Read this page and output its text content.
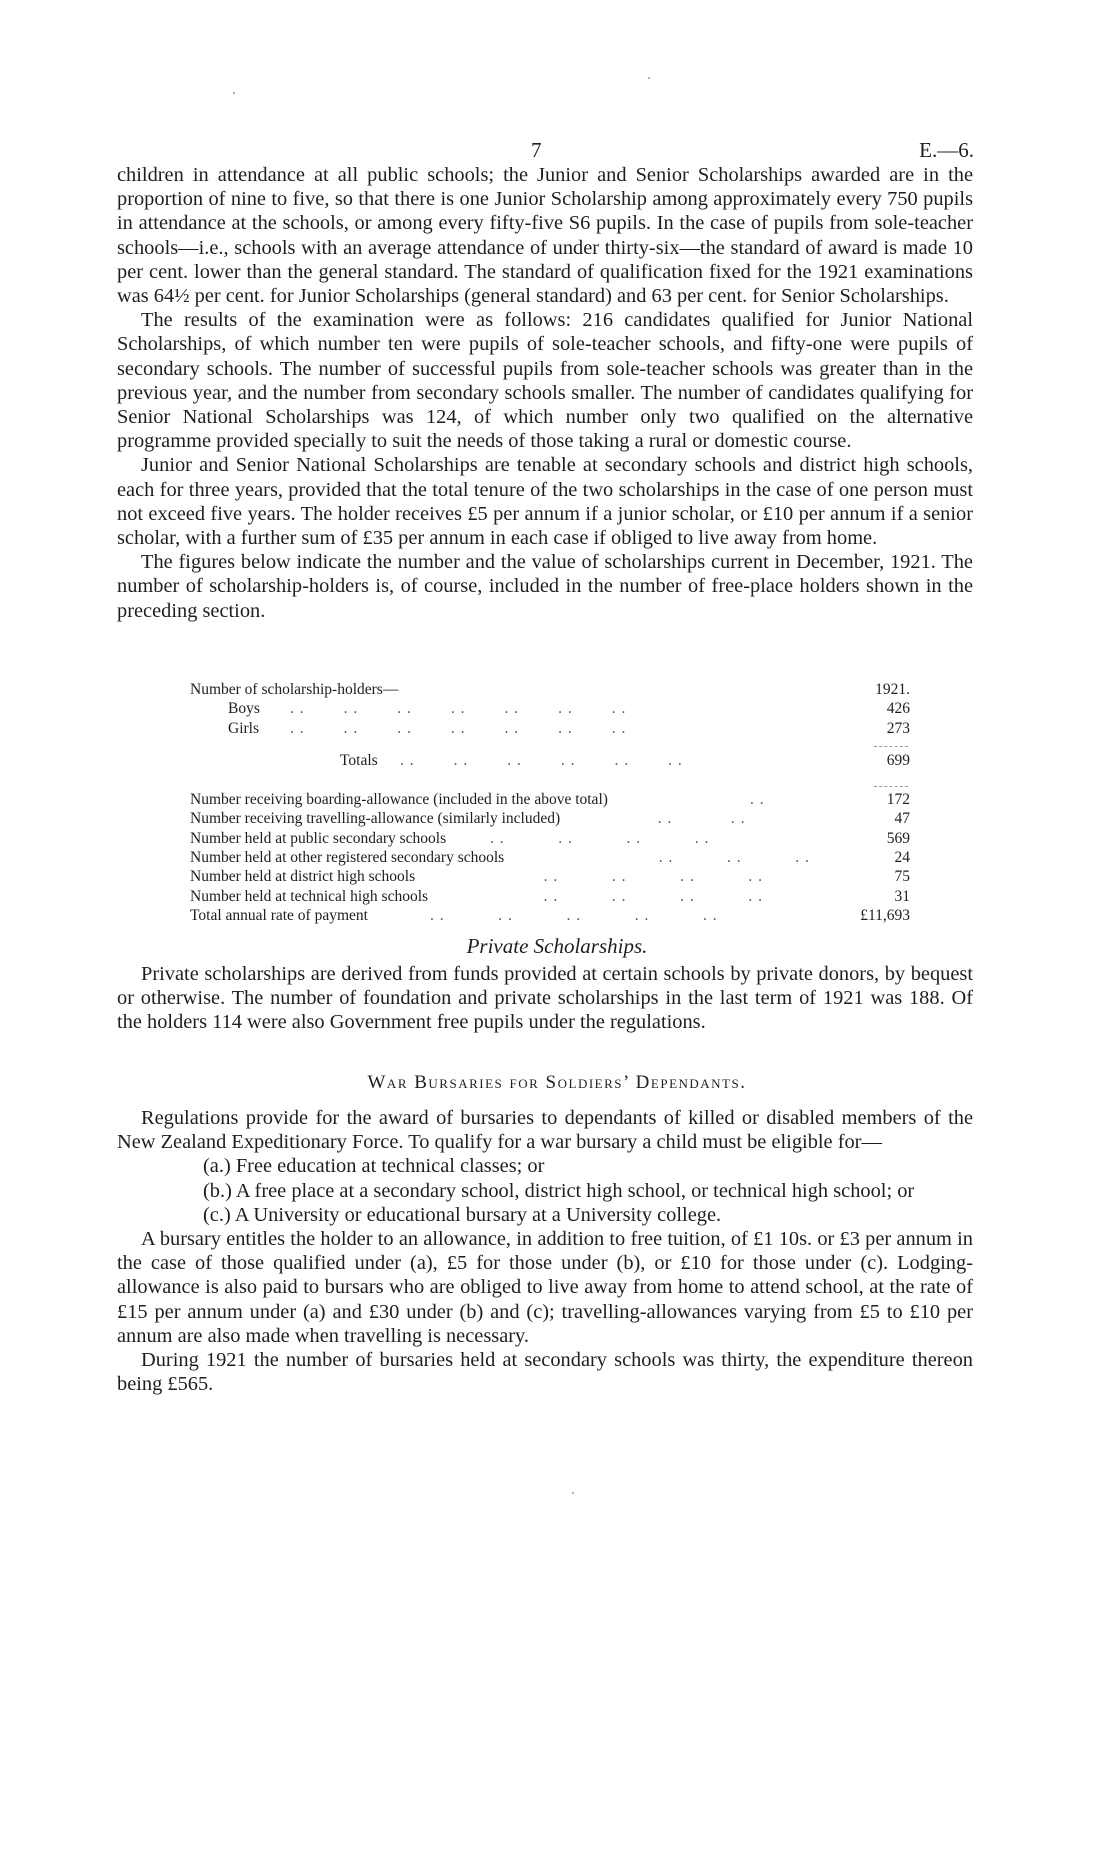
7	E.—6.

children in attendance at all public schools; the Junior and Senior Scholarships awarded are in the proportion of nine to five, so that there is one Junior Scholarship among approximately every 750 pupils in attendance at the schools, or among every fifty-five S6 pupils. In the case of pupils from sole-teacher schools—i.e., schools with an average attendance of under thirty-six—the standard of award is made 10 per cent. lower than the general standard. The standard of qualification fixed for the 1921 examinations was 64½ per cent. for Junior Scholarships (general standard) and 63 per cent. for Senior Scholarships.

The results of the examination were as follows: 216 candidates qualified for Junior National Scholarships, of which number ten were pupils of sole-teacher schools, and fifty-one were pupils of secondary schools. The number of successful pupils from sole-teacher schools was greater than in the previous year, and the number from secondary schools smaller. The number of candidates qualifying for Senior National Scholarships was 124, of which number only two qualified on the alternative programme provided specially to suit the needs of those taking a rural or domestic course.

Junior and Senior National Scholarships are tenable at secondary schools and district high schools, each for three years, provided that the total tenure of the two scholarships in the case of one person must not exceed five years. The holder receives £5 per annum if a junior scholar, or £10 per annum if a senior scholar, with a further sum of £35 per annum in each case if obliged to live away from home.

The figures below indicate the number and the value of scholarships current in December, 1921. The number of scholarship-holders is, of course, included in the number of free-place holders shown in the preceding section.

Number of scholarship-holders—	1921.
Boys . .        . .        . .        . .        . .        . .        . .	426
Girls . .        . .        . .        . .        . .        . .        . .	273
Totals . .        . .        . .        . .        . .        . .	699
Number receiving boarding-allowance (included in the above total)	. .	172
Number receiving travelling-allowance (similarly included) . .            . .	47
Number held at public secondary schools	. .           . .           . .           . .	569
Number held at other registered secondary schools	. .           . .           . .	24
Number held at district high schools	. .           . .           . .           . .	75
Number held at technical high schools	. .           . .           . .           . .	31
Total annual rate of payment	. .           . .           . .           . .           . .	£11,693
Private Scholarships.

Private scholarships are derived from funds provided at certain schools by private donors, by bequest or otherwise. The number of foundation and private scholarships in the last term of 1921 was 188. Of the holders 114 were also Government free pupils under the regulations.

War Bursaries for Soldiers’ Dependants.

Regulations provide for the award of bursaries to dependants of killed or disabled members of the New Zealand Expeditionary Force. To qualify for a war bursary a child must be eligible for—

(a.) Free education at technical classes; or
(b.) A free place at a secondary school, district high school, or technical high school; or
(c.) A University or educational bursary at a University college.

A bursary entitles the holder to an allowance, in addition to free tuition, of £1 10s. or £3 per annum in the case of those qualified under (a), £5 for those under (b), or £10 for those under (c). Lodging-allowance is also paid to bursars who are obliged to live away from home to attend school, at the rate of £15 per annum under (a) and £30 under (b) and (c); travelling-allowances varying from £5 to £10 per annum are also made when travelling is necessary.

During 1921 the number of bursaries held at secondary schools was thirty, the expenditure thereon being £565.
